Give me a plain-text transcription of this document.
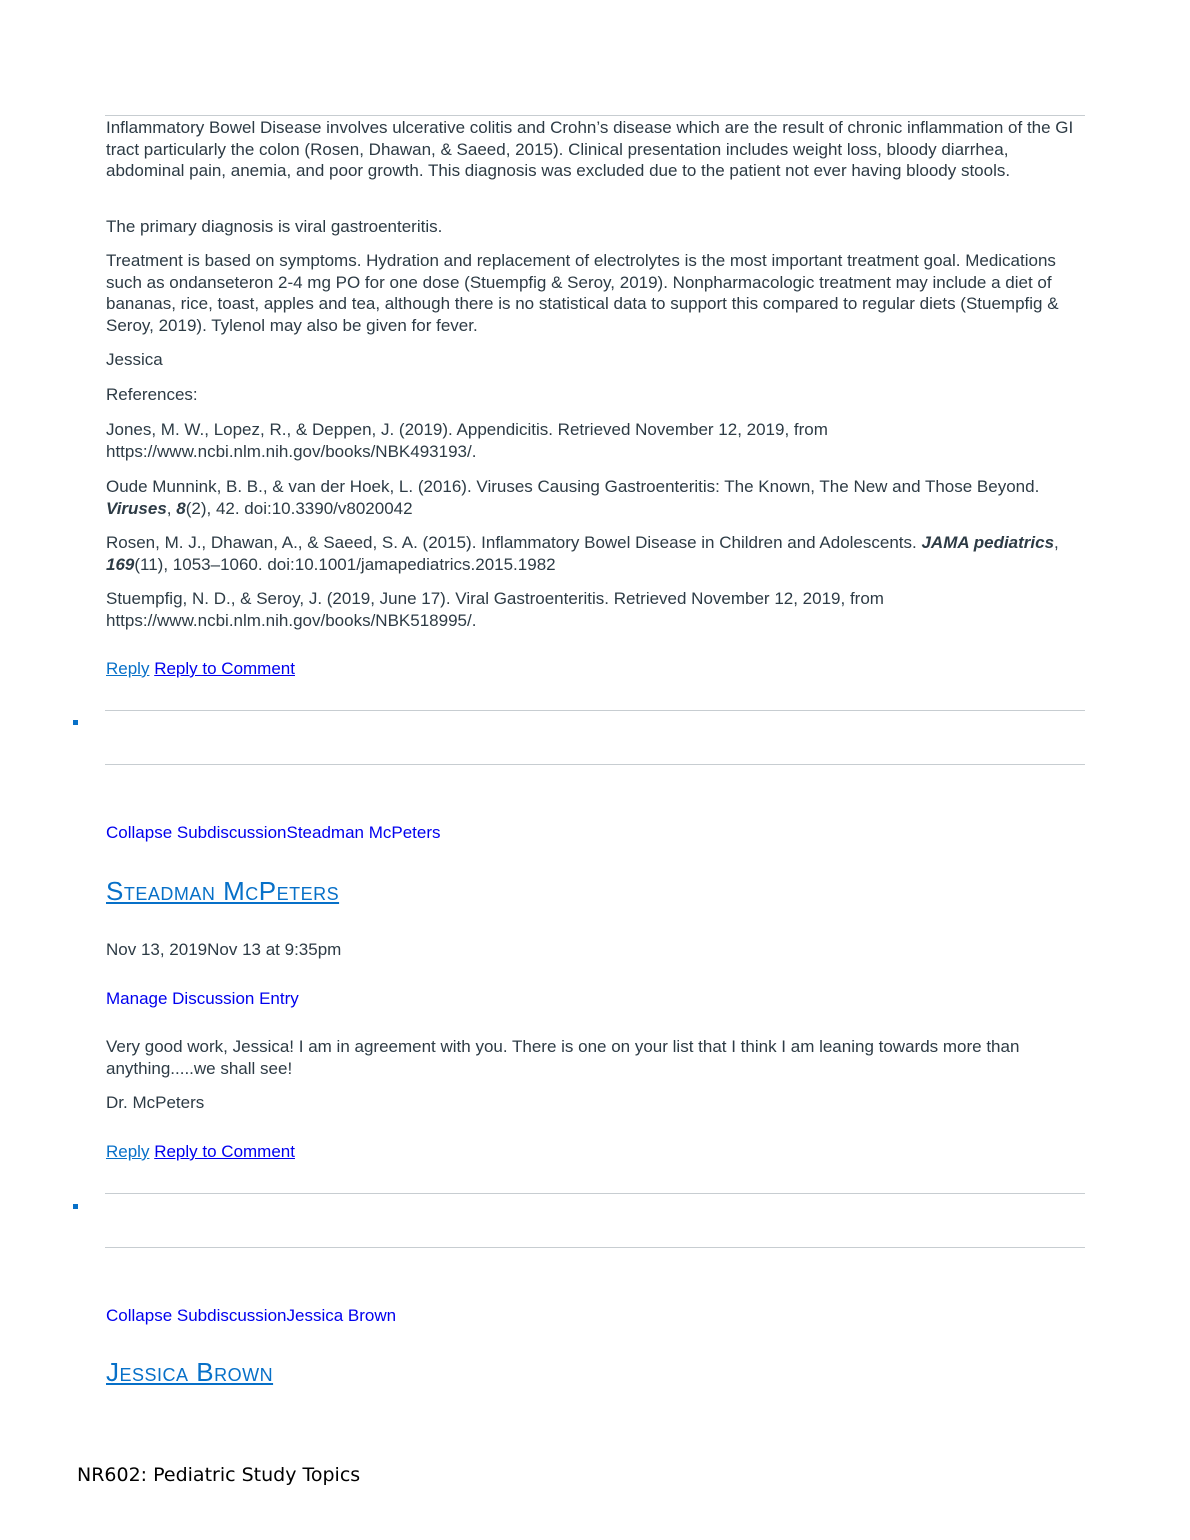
Inflammatory Bowel Disease involves ulcerative colitis and Crohn’s disease which are the result of chronic inflammation of the GI tract particularly the colon (Rosen, Dhawan, & Saeed, 2015). Clinical presentation includes weight loss, bloody diarrhea, abdominal pain, anemia, and poor growth. This diagnosis was excluded due to the patient not ever having bloody stools.

The primary diagnosis is viral gastroenteritis.

Treatment is based on symptoms. Hydration and replacement of electrolytes is the most important treatment goal. Medications such as ondanseteron 2-4 mg PO for one dose (Stuempfig & Seroy, 2019). Nonpharmacologic treatment may include a diet of bananas, rice, toast, apples and tea, although there is no statistical data to support this compared to regular diets (Stuempfig & Seroy, 2019). Tylenol may also be given for fever.

Jessica

References:

Jones, M. W., Lopez, R., & Deppen, J. (2019). Appendicitis. Retrieved November 12, 2019, from https://www.ncbi.nlm.nih.gov/books/NBK493193/.

Oude Munnink, B. B., & van der Hoek, L. (2016). Viruses Causing Gastroenteritis: The Known, The New and Those Beyond. Viruses, 8(2), 42. doi:10.3390/v8020042

Rosen, M. J., Dhawan, A., & Saeed, S. A. (2015). Inflammatory Bowel Disease in Children and Adolescents. JAMA pediatrics, 169(11), 1053–1060. doi:10.1001/jamapediatrics.2015.1982

Stuempfig, N. D., & Seroy, J. (2019, June 17). Viral Gastroenteritis. Retrieved November 12, 2019, from https://www.ncbi.nlm.nih.gov/books/NBK518995/.

Reply Reply to Comment
Collapse SubdiscussionSteadman McPeters
Steadman McPeters
Nov 13, 2019Nov 13 at 9:35pm
Manage Discussion Entry

Very good work, Jessica! I am in agreement with you. There is one on your list that I think I am leaning towards more than anything.....we shall see!

Dr. McPeters

Reply Reply to Comment
Collapse SubdiscussionJessica Brown
Jessica Brown
NR602: Pediatric Study Topics
